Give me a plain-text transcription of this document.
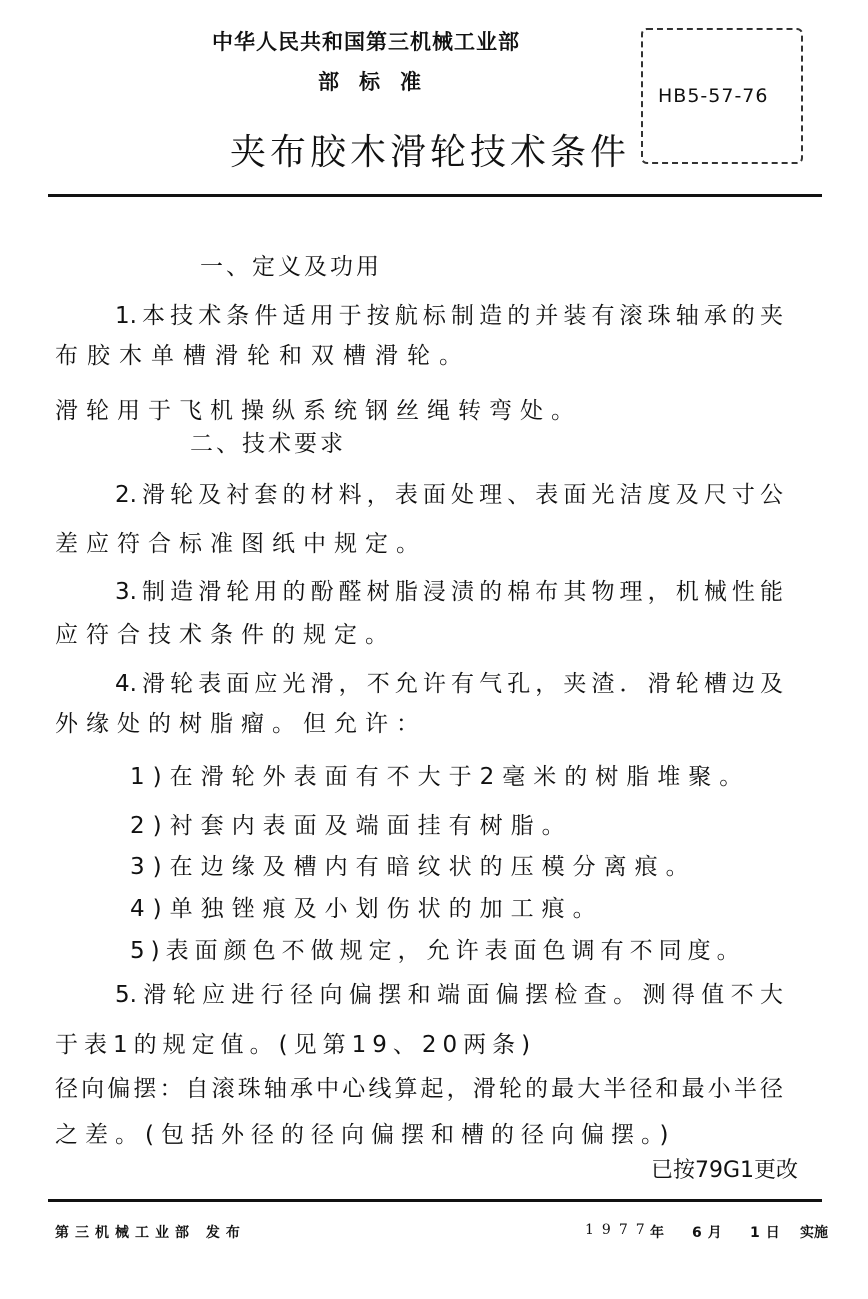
中华人民共和国第三机械工业部
部标准
夹布胶木滑轮技术条件
HB5-57-76
一、定义及功用
1.本技术条件适用于按航标制造的并装有滚珠轴承的夹
布胶木单槽滑轮和双槽滑轮。
滑轮用于飞机操纵系统钢丝绳转弯处。
二、技术要求
2.滑轮及衬套的材料，表面处理、表面光洁度及尺寸公
差应符合标准图纸中规定。
3.制造滑轮用的酚醛树脂浸渍的棉布其物理，机械性能
应符合技术条件的规定。
4.滑轮表面应光滑，不允许有气孔，夹渣．滑轮槽边及
外缘处的树脂瘤。但允许：
1)在滑轮外表面有不大于2毫米的树脂堆聚。
2)衬套内表面及端面挂有树脂。
3)在边缘及槽内有暗纹状的压模分离痕。
4)单独锉痕及小划伤状的加工痕。
5)表面颜色不做规定，允许表面色调有不同度。
5.滑轮应进行径向偏摆和端面偏摆检查。测得值不大
于表1的规定值。(见第19、20两条)
径向偏摆：自滚珠轴承中心线算起，滑轮的最大半径和最小半径
之差。(包括外径的径向偏摆和槽的径向偏摆。)
已按79G1更改
第三机械工业部 发布	1977
年 6月 1日 实施
